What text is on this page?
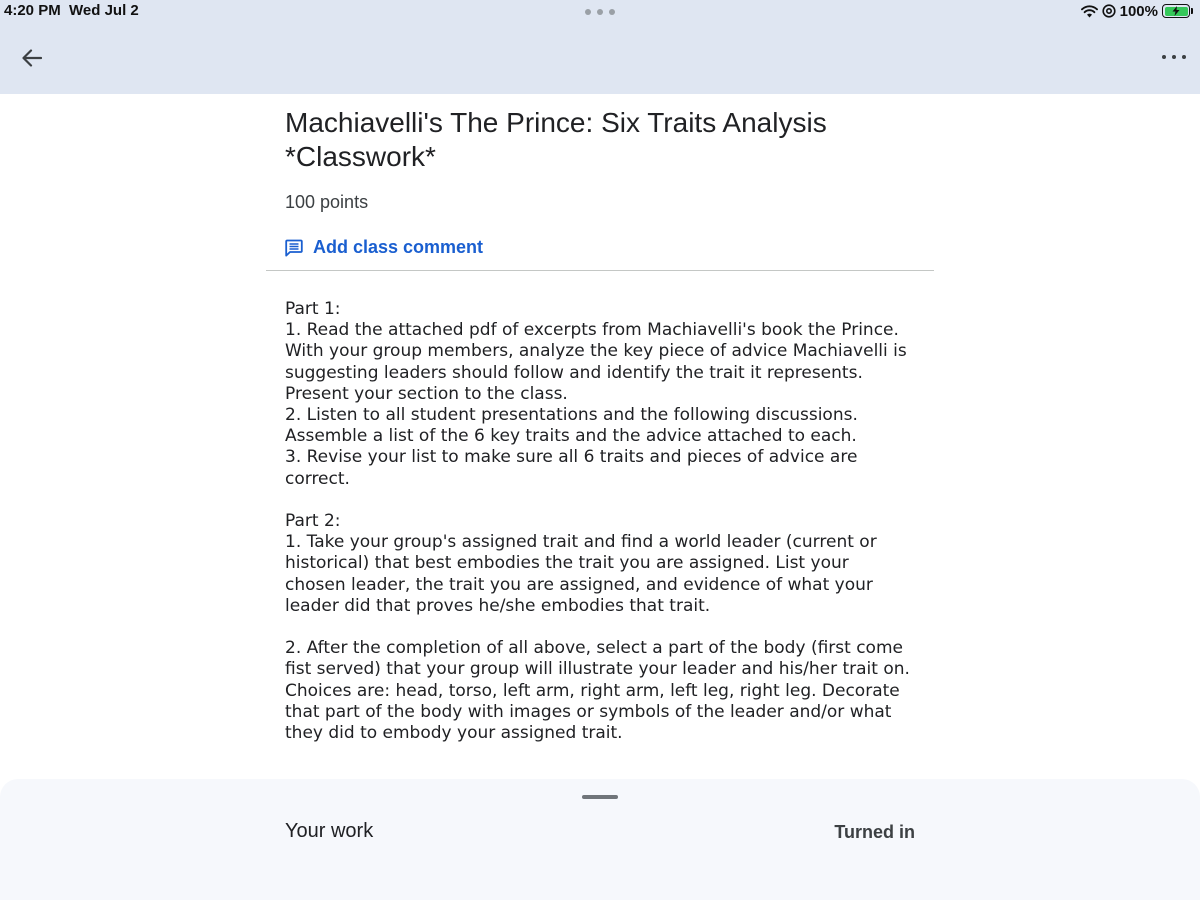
4:20 PM  Wed Jul 2	100%
Machiavelli's The Prince: Six Traits Analysis *Classwork*
100 points
Add class comment
Part 1:
1. Read the attached pdf of excerpts from Machiavelli's book the Prince.
With your group members, analyze the key piece of advice Machiavelli is
suggesting leaders should follow and identify the trait it represents.
Present your section to the class.
2. Listen to all student presentations and the following discussions.
Assemble a list of the 6 key traits and the advice attached to each.
3. Revise your list to make sure all 6 traits and pieces of advice are
correct.

Part 2:
1. Take your group's assigned trait and find a world leader (current or
historical) that best embodies the trait you are assigned. List your
chosen leader, the trait you are assigned, and evidence of what your
leader did that proves he/she embodies that trait.

2. After the completion of all above, select a part of the body (first come
fist served) that your group will illustrate your leader and his/her trait on.
Choices are: head, torso, left arm, right arm, left leg, right leg. Decorate
that part of the body with images or symbols of the leader and/or what
they did to embody your assigned trait.
Your work	Turned in
